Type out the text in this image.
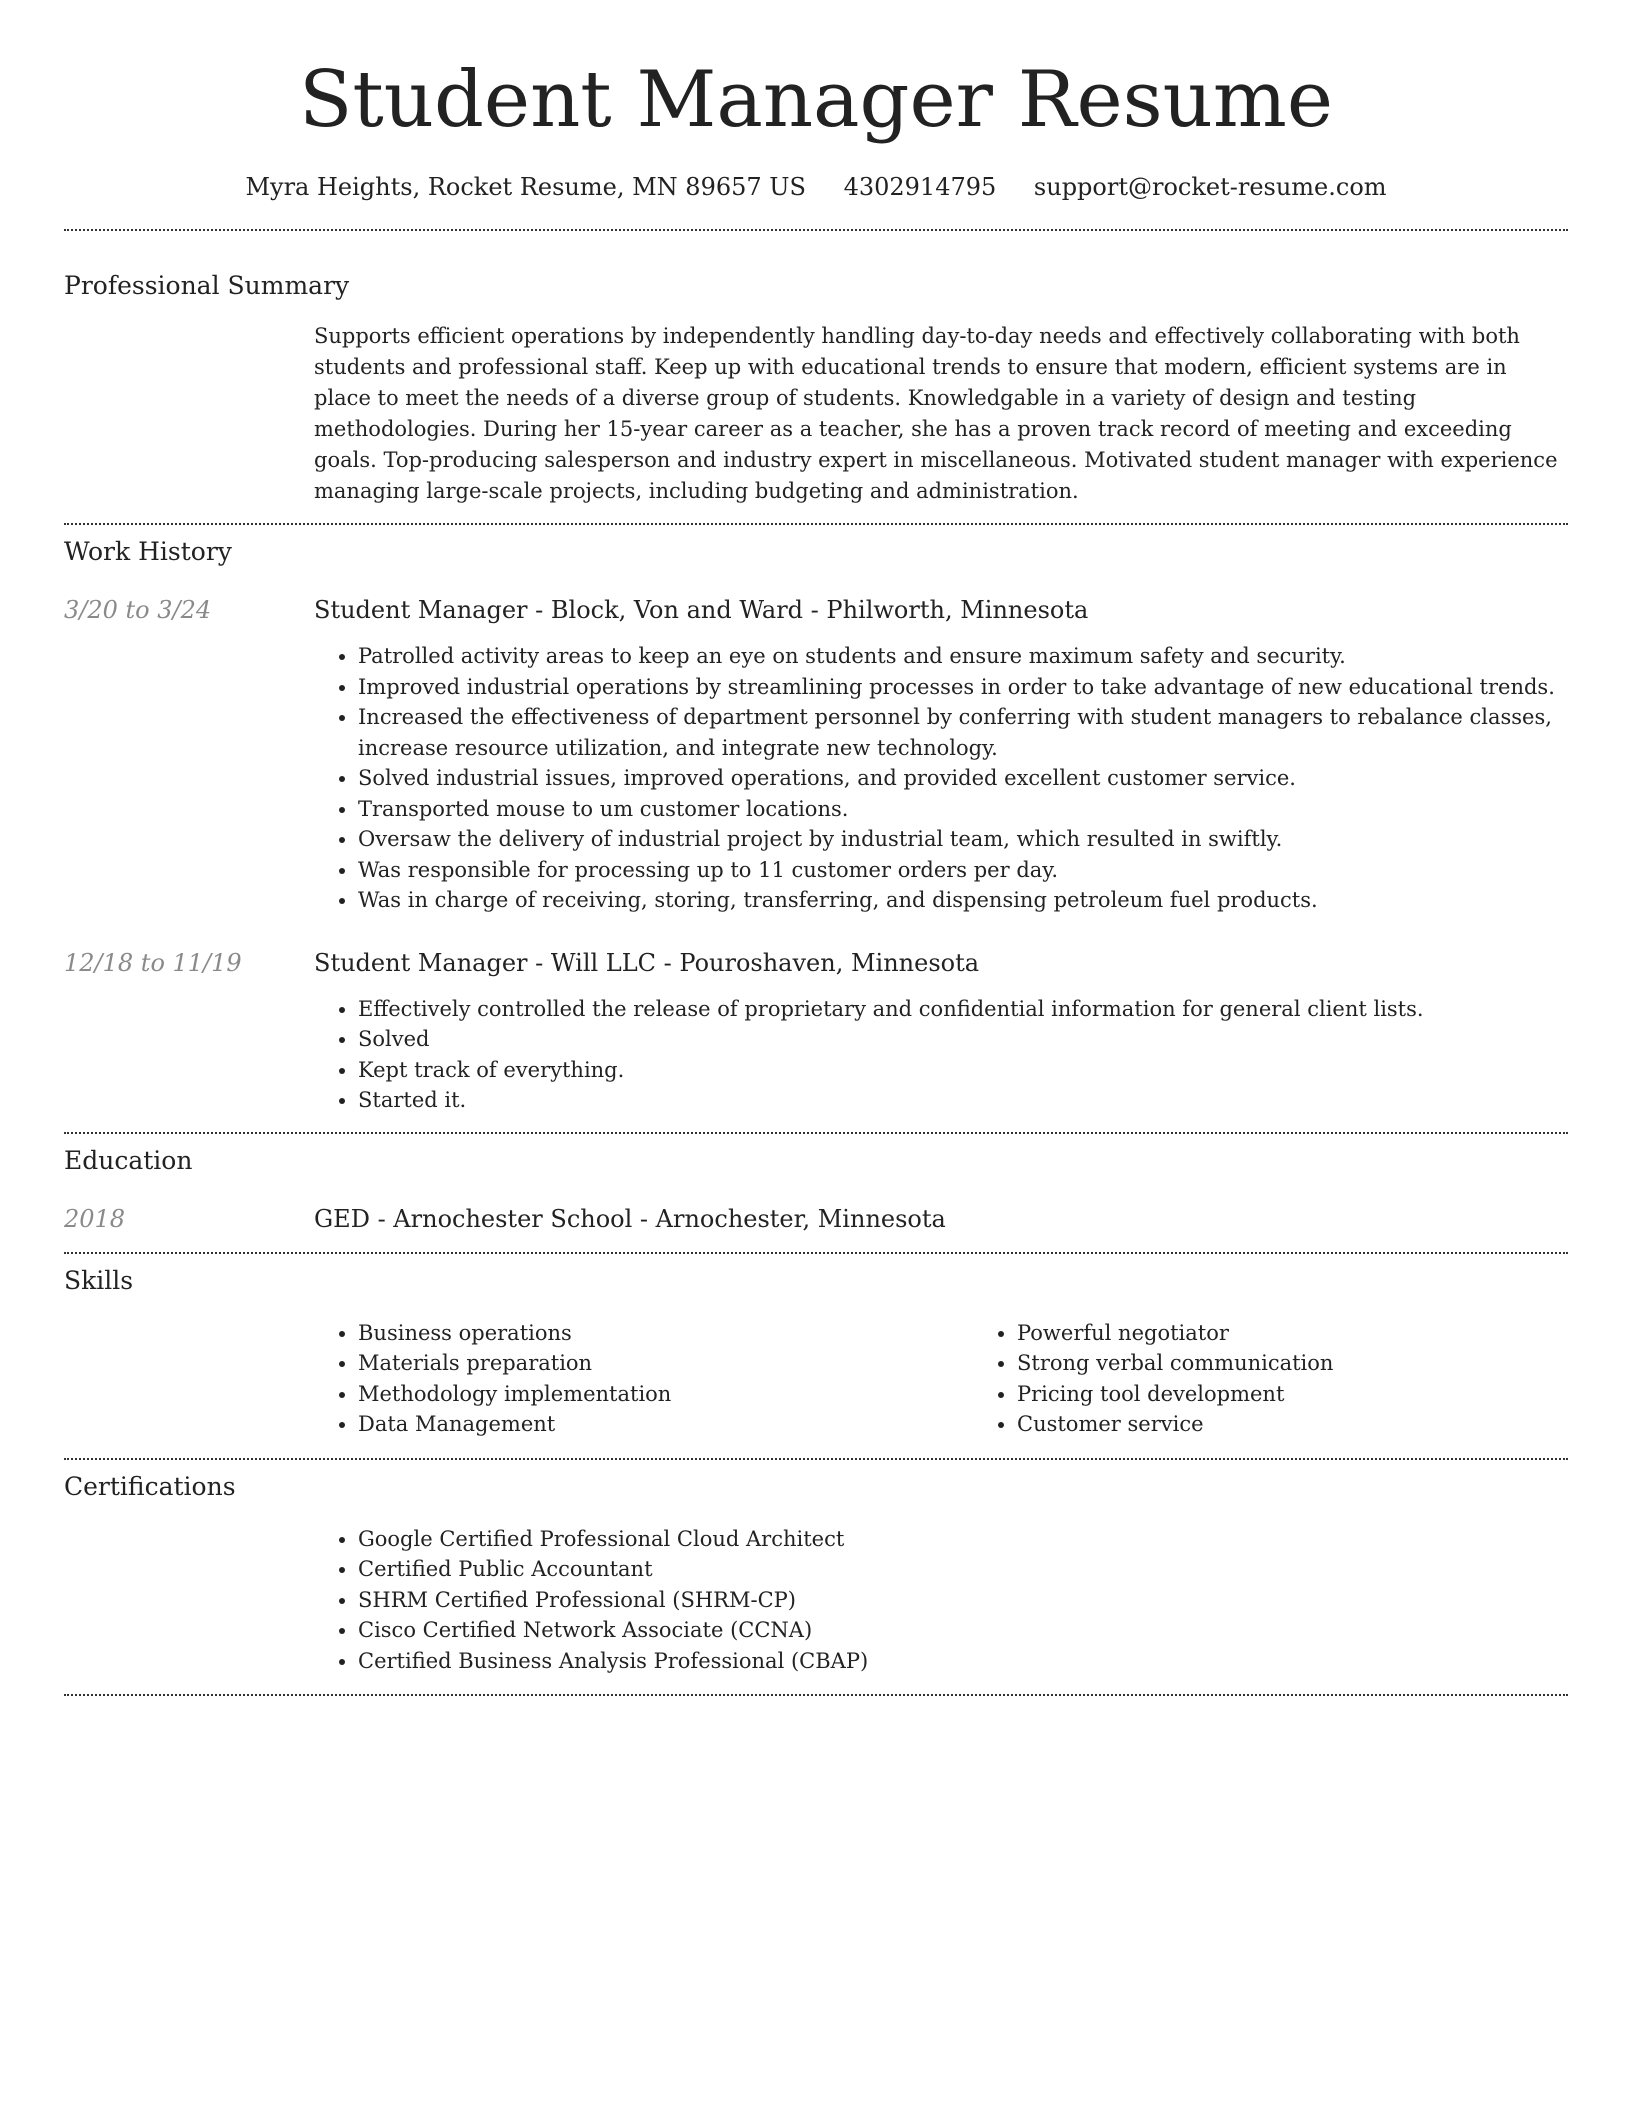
Student Manager Resume
Myra Heights, Rocket Resume, MN 89657 US 4302914795 support@rocket-resume.com
Professional Summary

Supports efficient operations by independently handling day-to-day needs and effectively collaborating with both students and professional staff. Keep up with educational trends to ensure that modern, efficient systems are in place to meet the needs of a diverse group of students. Knowledgable in a variety of design and testing methodologies. During her 15-year career as a teacher, she has a proven track record of meeting and exceeding goals. Top-producing salesperson and industry expert in miscellaneous. Motivated student manager with experience managing large-scale projects, including budgeting and administration.

Work History
3/20 to 3/24	Student Manager - Block, Von and Ward - Philworth, Minnesota
• Patrolled activity areas to keep an eye on students and ensure maximum safety and security.
• Improved industrial operations by streamlining processes in order to take advantage of new educational trends.
• Increased the effectiveness of department personnel by conferring with student managers to rebalance classes, increase resource utilization, and integrate new technology.
• Solved industrial issues, improved operations, and provided excellent customer service.
• Transported mouse to um customer locations.
• Oversaw the delivery of industrial project by industrial team, which resulted in swiftly.
• Was responsible for processing up to 11 customer orders per day.
• Was in charge of receiving, storing, transferring, and dispensing petroleum fuel products.
12/18 to 11/19	Student Manager - Will LLC - Pouroshaven, Minnesota
• Effectively controlled the release of proprietary and confidential information for general client lists.
• Solved
• Kept track of everything.
• Started it.
Education
2018	GED - Arnochester School - Arnochester, Minnesota
Skills
• Business operations
• Materials preparation
• Methodology implementation
• Data Management
• Powerful negotiator
• Strong verbal communication
• Pricing tool development
• Customer service
Certifications
• Google Certified Professional Cloud Architect
• Certified Public Accountant
• SHRM Certified Professional (SHRM-CP)
• Cisco Certified Network Associate (CCNA)
• Certified Business Analysis Professional (CBAP)
